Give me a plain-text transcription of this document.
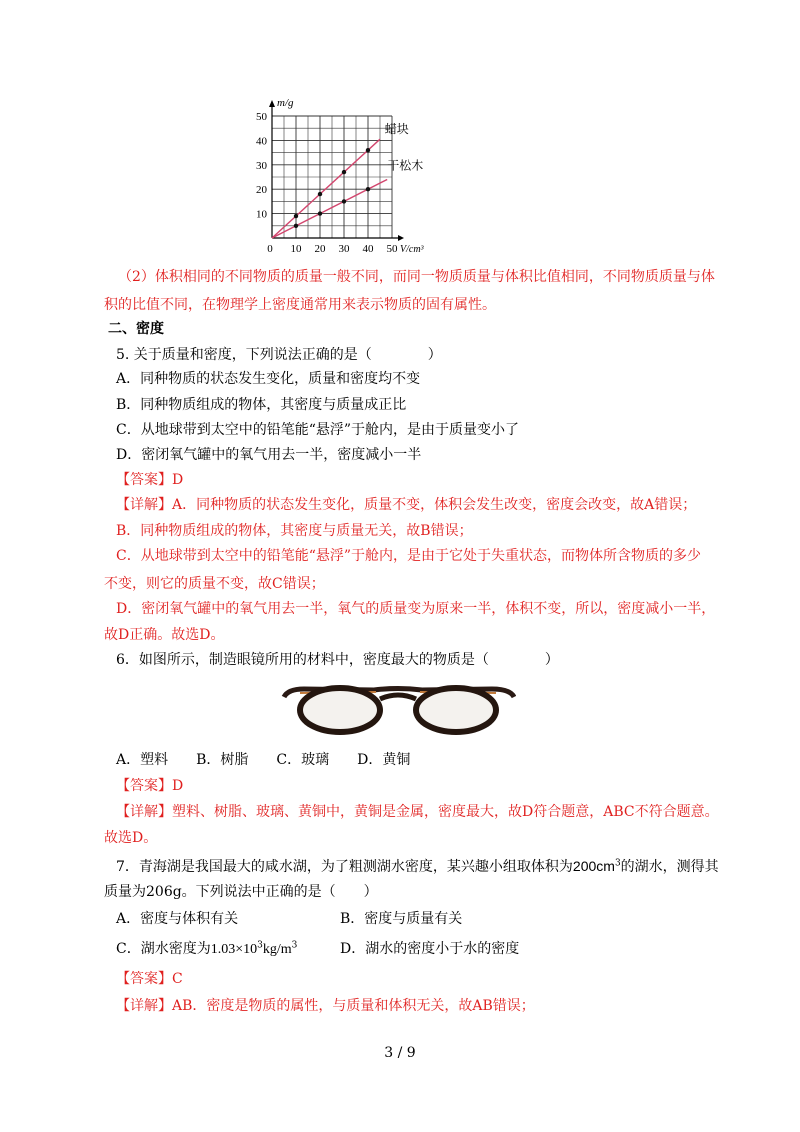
0 10 20 30 40 50
10
20
30
40
50
m/g
V/cm³
蜡块
干松木
（2）体积相同的不同物质的质量一般不同，而同一物质质量与体积比值相同，不同物质质量与体
积的比值不同，在物理学上密度通常用来表示物质的固有属性。
二、密度
5. 关于质量和密度，下列说法正确的是（　　　　）
A．同种物质的状态发生变化，质量和密度均不变
B．同种物质组成的物体，其密度与质量成正比
C．从地球带到太空中的铅笔能“悬浮”于舱内，是由于质量变小了
D．密闭氧气罐中的氧气用去一半，密度减小一半
【答案】D
【详解】A．同种物质的状态发生变化，质量不变，体积会发生改变，密度会改变，故A错误；
B．同种物质组成的物体，其密度与质量无关，故B错误；
C．从地球带到太空中的铅笔能“悬浮”于舱内，是由于它处于失重状态，而物体所含物质的多少
不变，则它的质量不变，故C错误；
D．密闭氧气罐中的氧气用去一半，氧气的质量变为原来一半，体积不变，所以，密度减小一半，
故D正确。故选D。
6．如图所示，制造眼镜所用的材料中，密度最大的物质是（　　　　）
A．塑料　　B．树脂　　C．玻璃　　D．黄铜
【答案】D
【详解】塑料、树脂、玻璃、黄铜中，黄铜是金属，密度最大，故D符合题意，ABC不符合题意。
故选D。
7．青海湖是我国最大的咸水湖，为了粗测湖水密度，某兴趣小组取体积为$200cm^3$的湖水，测得其
质量为206g。下列说法中正确的是（　　）
A．密度与体积有关	B．密度与质量有关
C．湖水密度为$1.03\times 10^3kg/m^3$	D．湖水的密度小于水的密度
【答案】C
【详解】AB．密度是物质的属性，与质量和体积无关，故AB错误；
3 / 9
